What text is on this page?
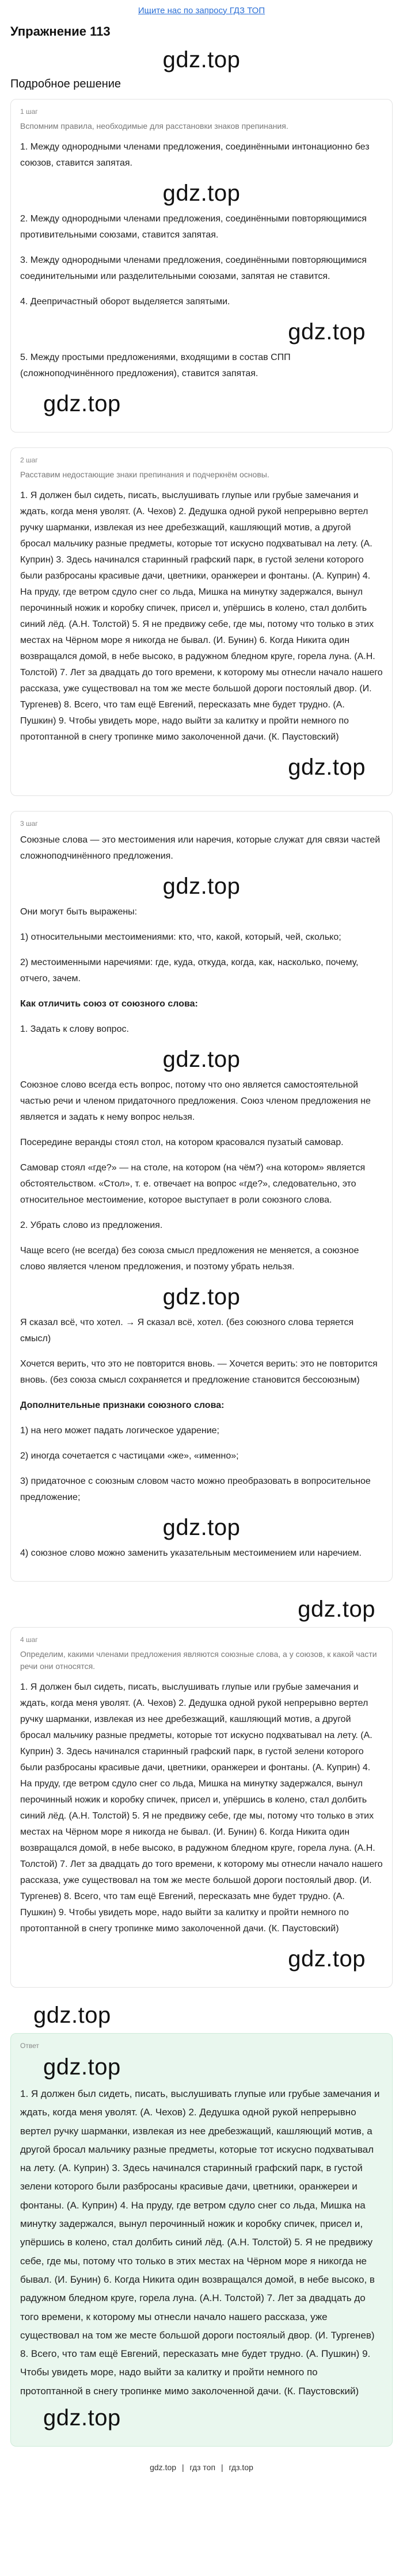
Ищите нас по запросу ГДЗ ТОП
Упражнение 113
gdz.top
Подробное решение
1 шаг
Вспомним правила, необходимые для расстановки знаков препинания.

1. Между однородными членами предложения, соединёнными интонационно без союзов, ставится запятая.

gdz.top

2. Между однородными членами предложения, соединёнными повторяющимися противительными союзами, ставится запятая.

3. Между однородными членами предложения, соединёнными повторяющимися соединительными или разделительными союзами, запятая не ставится.

4. Деепричастный оборот выделяется запятыми.

gdz.top

5. Между простыми предложениями, входящими в состав СПП (сложноподчинённого предложения), ставится запятая.

gdz.top
2 шаг
Расставим недостающие знаки препинания и подчеркнём основы.

1. Я должен был сидеть, писать, выслушивать глупые или грубые замечания и ждать, когда меня уволят. (А. Чехов) 2. Дедушка одной рукой непрерывно вертел ручку шарманки, извлекая из нее дребезжащий, кашляющий мотив, а другой бросал мальчику разные предметы, которые тот искусно подхватывал на лету. (А. Куприн) 3. Здесь начинался старинный графский парк, в густой зелени которого были разбросаны красивые дачи, цветники, оранжереи и фонтаны. (А. Куприн) 4. На пруду, где ветром сдуло снег со льда, Мишка на минутку задержался, вынул перочинный ножик и коробку спичек, присел и, упёршись в колено, стал долбить синий лёд. (А.Н. Толстой) 5. Я не предвижу себе, где мы, потому что только в этих местах на Чёрном море я никогда не бывал. (И. Бунин) 6. Когда Никита один возвращался домой, в небе высоко, в радужном бледном круге, горела луна. (А.Н. Толстой) 7. Лет за двадцать до того времени, к которому мы отнесли начало нашего рассказа, уже существовал на том же месте большой дороги постоялый двор. (И. Тургенев) 8. Всего, что там ещё Евгений, пересказать мне будет трудно. (А. Пушкин) 9. Чтобы увидеть море, надо выйти за калитку и пройти немного по протоптанной в снегу тропинке мимо заколоченной дачи. (К. Паустовский)

gdz.top
3 шаг

Союзные слова — это местоимения или наречия, которые служат для связи частей сложноподчинённого предложения.

gdz.top

Они могут быть выражены:

1) относительными местоимениями: кто, что, какой, который, чей, сколько;

2) местоименными наречиями: где, куда, откуда, когда, как, насколько, почему, отчего, зачем.

Как отличить союз от союзного слова:

1. Задать к слову вопрос.

gdz.top

Союзное слово всегда есть вопрос, потому что оно является самостоятельной частью речи и членом придаточного предложения. Союз членом предложения не является и задать к нему вопрос нельзя.

Посередине веранды стоял стол, на котором красовался пузатый самовар.

Самовар стоял «где?» — на столе, на котором (на чём?) «на котором» является обстоятельством. «Стол», т. е. отвечает на вопрос «где?», следовательно, это относительное местоимение, которое выступает в роли союзного слова.

2. Убрать слово из предложения.

Чаще всего (не всегда) без союза смысл предложения не меняется, а союзное слово является членом предложения, и поэтому убрать нельзя.

gdz.top

Я сказал всё, что хотел. → Я сказал всё, хотел. (без союзного слова теряется смысл)

Хочется верить, что это не повторится вновь. — Хочется верить: это не повторится вновь. (без союза смысл сохраняется и предложение становится бессоюзным)

Дополнительные признаки союзного слова:

1) на него может падать логическое ударение;

2) иногда сочетается с частицами «же», «именно»;

3) придаточное с союзным словом часто можно преобразовать в вопросительное предложение;

gdz.top

4) союзное слово можно заменить указательным местоимением или наречием.

gdz.top
4 шаг
Определим, какими членами предложения являются союзные слова, а у союзов, к какой части речи они относятся.

1. Я должен был сидеть, писать, выслушивать глупые или грубые замечания и ждать, когда меня уволят. (А. Чехов) 2. Дедушка одной рукой непрерывно вертел ручку шарманки, извлекая из нее дребезжащий, кашляющий мотив, а другой бросал мальчику разные предметы, которые тот искусно подхватывал на лету. (А. Куприн) 3. Здесь начинался старинный графский парк, в густой зелени которого были разбросаны красивые дачи, цветники, оранжереи и фонтаны. (А. Куприн) 4. На пруду, где ветром сдуло снег со льда, Мишка на минутку задержался, вынул перочинный ножик и коробку спичек, присел и, упёршись в колено, стал долбить синий лёд. (А.Н. Толстой) 5. Я не предвижу себе, где мы, потому что только в этих местах на Чёрном море я никогда не бывал. (И. Бунин) 6. Когда Никита один возвращался домой, в небе высоко, в радужном бледном круге, горела луна. (А.Н. Толстой) 7. Лет за двадцать до того времени, к которому мы отнесли начало нашего рассказа, уже существовал на том же месте большой дороги постоялый двор. (И. Тургенев) 8. Всего, что там ещё Евгений, пересказать мне будет трудно. (А. Пушкин) 9. Чтобы увидеть море, надо выйти за калитку и пройти немного по протоптанной в снегу тропинке мимо заколоченной дачи. (К. Паустовский)

gdz.top
gdz.top
Ответ
gdz.top

1. Я должен был сидеть, писать, выслушивать глупые или грубые замечания и ждать, когда меня уволят. (А. Чехов) 2. Дедушка одной рукой непрерывно вертел ручку шарманки, извлекая из нее дребезжащий, кашляющий мотив, а другой бросал мальчику разные предметы, которые тот искусно подхватывал на лету. (А. Куприн) 3. Здесь начинался старинный графский парк, в густой зелени которого были разбросаны красивые дачи, цветники, оранжереи и фонтаны. (А. Куприн) 4. На пруду, где ветром сдуло снег со льда, Мишка на минутку задержался, вынул перочинный ножик и коробку спичек, присел и, упёршись в колено, стал долбить синий лёд. (А.Н. Толстой) 5. Я не предвижу себе, где мы, потому что только в этих местах на Чёрном море я никогда не бывал. (И. Бунин) 6. Когда Никита один возвращался домой, в небе высоко, в радужном бледном круге, горела луна. (А.Н. Толстой) 7. Лет за двадцать до того времени, к которому мы отнесли начало нашего рассказа, уже существовал на том же месте большой дороги постоялый двор. (И. Тургенев) 8. Всего, что там ещё Евгений, пересказать мне будет трудно. (А. Пушкин) 9. Чтобы увидеть море, надо выйти за калитку и пройти немного по протоптанной в снегу тропинке мимо заколоченной дачи. (К. Паустовский)

gdz.top
gdz.top | гдз топ | гдз.top
